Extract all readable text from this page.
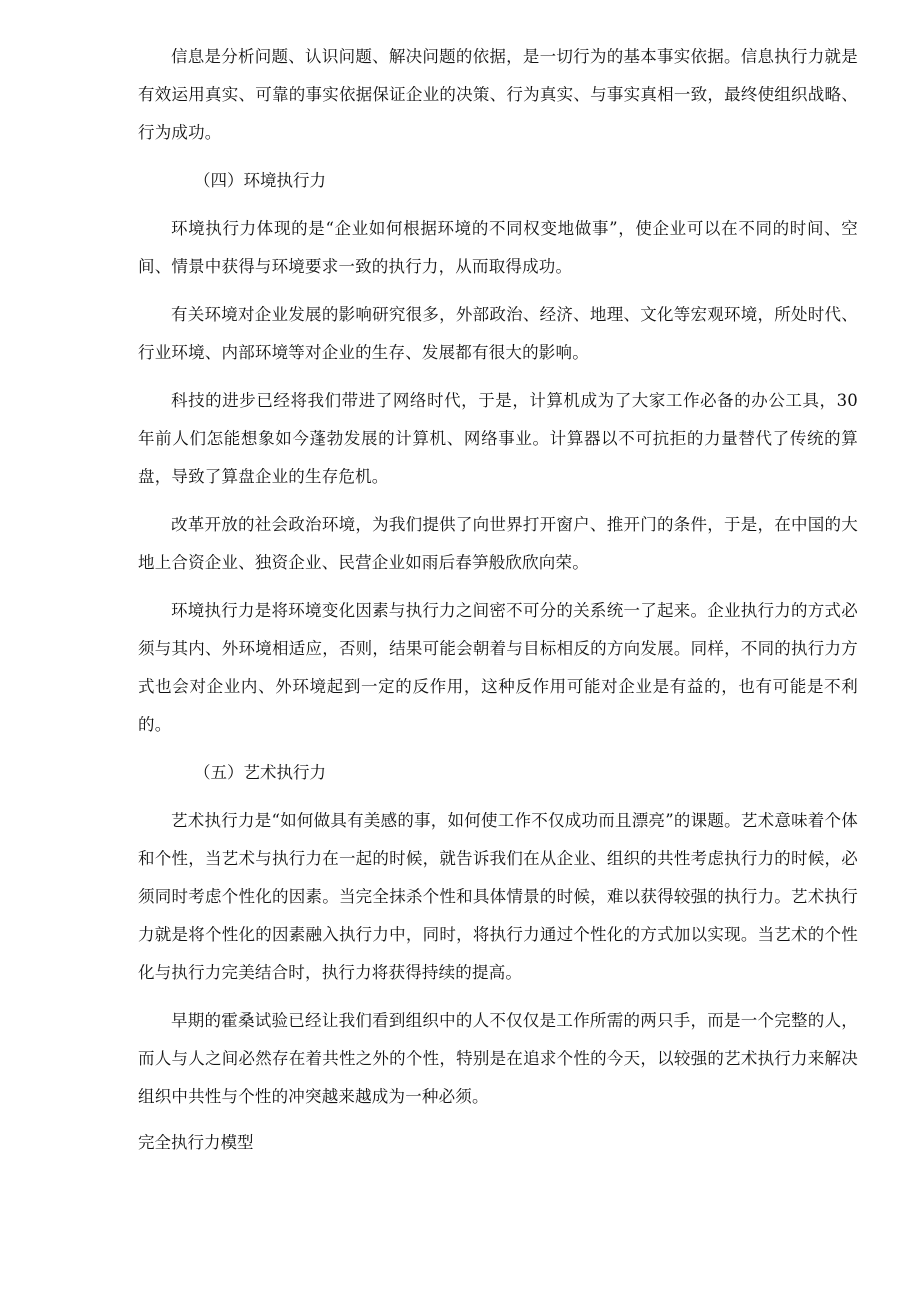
信息是分析问题、认识问题、解决问题的依据，是一切行为的基本事实依据。信息执行力就是有效运用真实、可靠的事实依据保证企业的决策、行为真实、与事实真相一致，最终使组织战略、行为成功。

（四）环境执行力

环境执行力体现的是“企业如何根据环境的不同权变地做事”，使企业可以在不同的时间、空间、情景中获得与环境要求一致的执行力，从而取得成功。

有关环境对企业发展的影响研究很多，外部政治、经济、地理、文化等宏观环境，所处时代、行业环境、内部环境等对企业的生存、发展都有很大的影响。

科技的进步已经将我们带进了网络时代，于是，计算机成为了大家工作必备的办公工具，30年前人们怎能想象如今蓬勃发展的计算机、网络事业。计算器以不可抗拒的力量替代了传统的算盘，导致了算盘企业的生存危机。

改革开放的社会政治环境，为我们提供了向世界打开窗户、推开门的条件，于是，在中国的大地上合资企业、独资企业、民营企业如雨后春笋般欣欣向荣。

环境执行力是将环境变化因素与执行力之间密不可分的关系统一了起来。企业执行力的方式必须与其内、外环境相适应，否则，结果可能会朝着与目标相反的方向发展。同样，不同的执行力方式也会对企业内、外环境起到一定的反作用，这种反作用可能对企业是有益的，也有可能是不利的。

（五）艺术执行力

艺术执行力是“如何做具有美感的事，如何使工作不仅成功而且漂亮”的课题。艺术意味着个体和个性，当艺术与执行力在一起的时候，就告诉我们在从企业、组织的共性考虑执行力的时候，必须同时考虑个性化的因素。当完全抹杀个性和具体情景的时候，难以获得较强的执行力。艺术执行力就是将个性化的因素融入执行力中，同时，将执行力通过个性化的方式加以实现。当艺术的个性化与执行力完美结合时，执行力将获得持续的提高。

早期的霍桑试验已经让我们看到组织中的人不仅仅是工作所需的两只手，而是一个完整的人，而人与人之间必然存在着共性之外的个性，特别是在追求个性的今天，以较强的艺术执行力来解决组织中共性与个性的冲突越来越成为一种必须。

完全执行力模型
